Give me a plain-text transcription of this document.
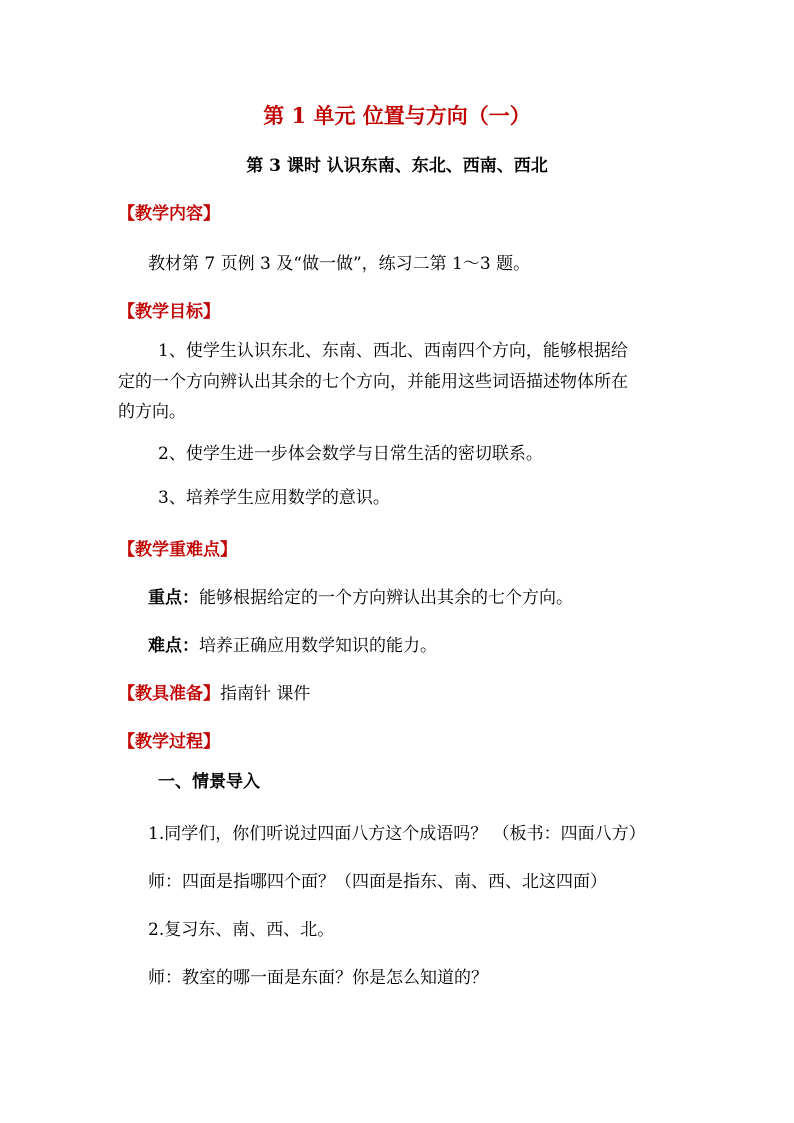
第 1 单元 位置与方向（一）
第 3 课时 认识东南、东北、西南、西北
【教学内容】
教材第 7 页例 3 及“做一做”，练习二第 1～3 题。
【教学目标】
1、使学生认识东北、东南、西北、西南四个方向，能够根据给
定的一个方向辨认出其余的七个方向，并能用这些词语描述物体所在
的方向。
2、使学生进一步体会数学与日常生活的密切联系。
3、培养学生应用数学的意识。
【教学重难点】
重点：能够根据给定的一个方向辨认出其余的七个方向。
难点：培养正确应用数学知识的能力。
【教具准备】指南针 课件
【教学过程】
一、情景导入
1.同学们，你们听说过四面八方这个成语吗？ （板书：四面八方）
师：四面是指哪四个面？（四面是指东、南、西、北这四面）
2.复习东、南、西、北。
师：教室的哪一面是东面？你是怎么知道的？
